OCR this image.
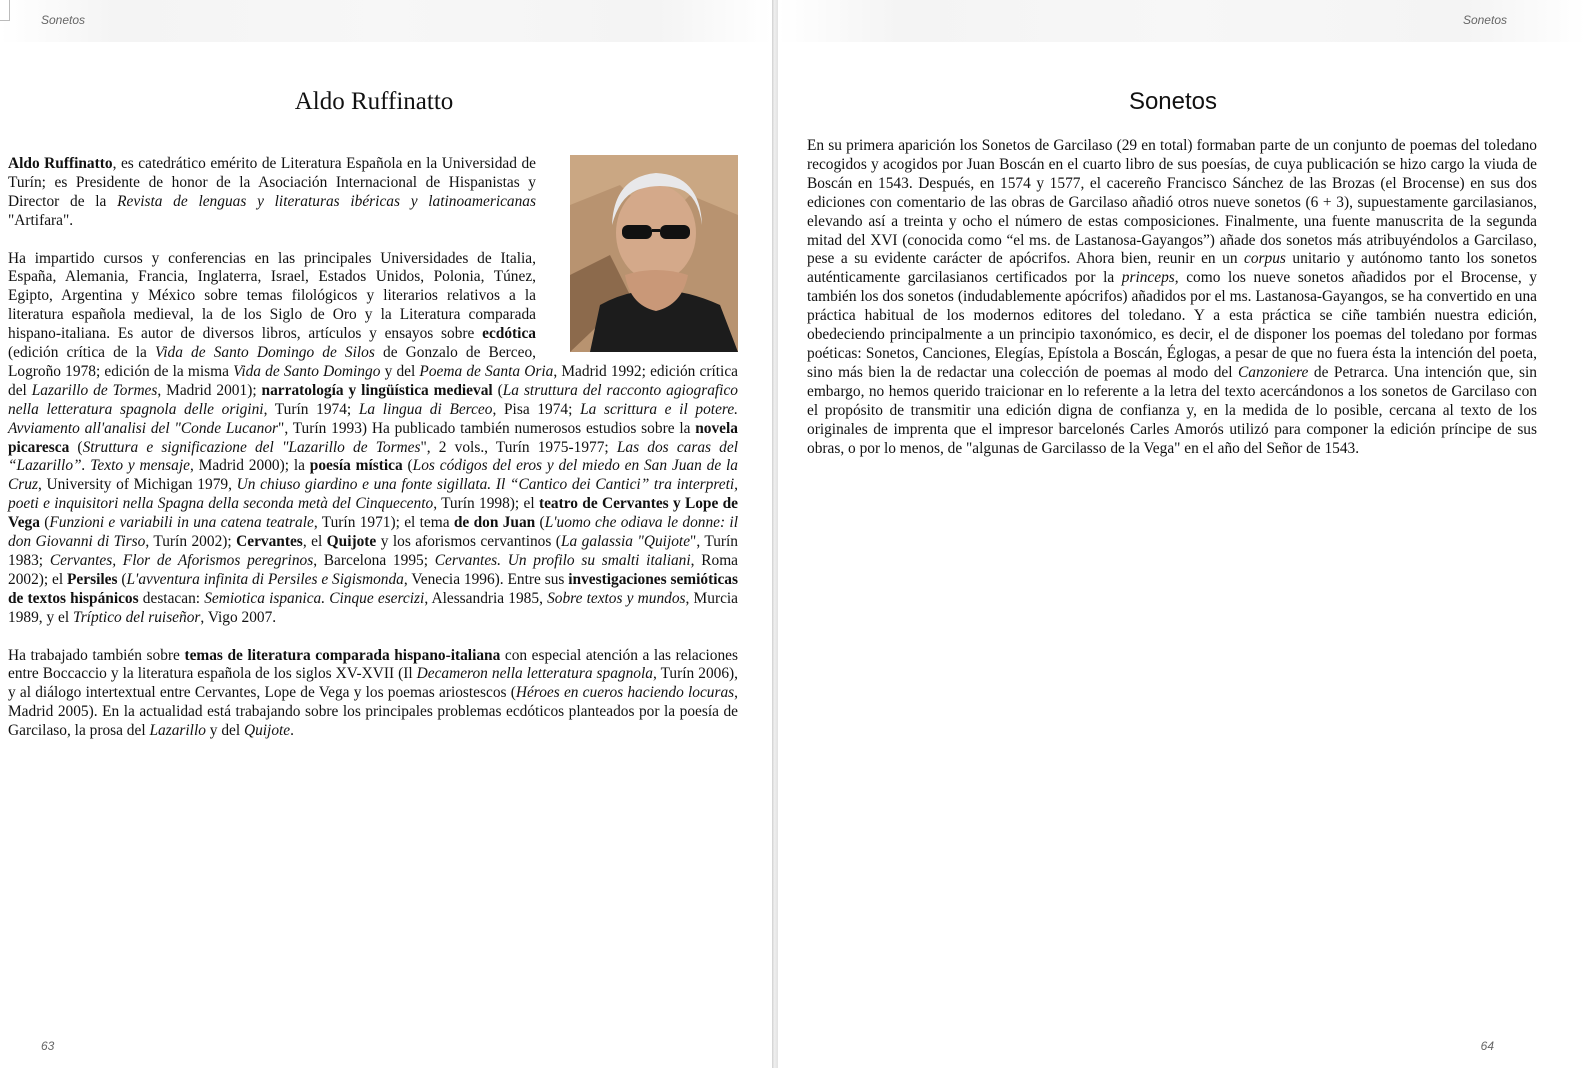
Sonetos
Aldo Ruffinatto

Aldo Ruffinatto, es catedrático emérito de Literatura Española en la Universidad de Turín; es Presidente de honor de la Asociación Internacional de Hispanistas y Director de la Revista de lenguas y literaturas ibéricas y latinoamericanas "Artifara".

Ha impartido cursos y conferencias en las principales Universidades de Italia, España, Alemania, Francia, Inglaterra, Israel, Estados Unidos, Polonia, Túnez, Egipto, Argentina y México sobre temas filológicos y literarios relativos a la literatura española medieval, la de los Siglo de Oro y la Literatura comparada hispano-italiana. Es autor de diversos libros, artículos y ensayos sobre ecdótica (edición crítica de la Vida de Santo Domingo de Silos de Gonzalo de Berceo, Logroño 1978; edición de la misma Vida de Santo Domingo y del Poema de Santa Oria, Madrid 1992; edición crítica del Lazarillo de Tormes, Madrid 2001); narratología y lingüística medieval (La struttura del racconto agiografico nella letteratura spagnola delle origini, Turín 1974; La lingua di Berceo, Pisa 1974; La scrittura e il potere. Avviamento all'analisi del "Conde Lucanor", Turín 1993) Ha publicado también numerosos estudios sobre la novela picaresca (Struttura e significazione del "Lazarillo de Tormes", 2 vols., Turín 1975-1977; Las dos caras del “Lazarillo”. Texto y mensaje, Madrid 2000); la poesía mística (Los códigos del eros y del miedo en San Juan de la Cruz, University of Michigan 1979, Un chiuso giardino e una fonte sigillata. Il “Cantico dei Cantici” tra interpreti, poeti e inquisitori nella Spagna della seconda metà del Cinquecento, Turín 1998); el teatro de Cervantes y Lope de Vega (Funzioni e variabili in una catena teatrale, Turín 1971); el tema de don Juan (L'uomo che odiava le donne: il don Giovanni di Tirso, Turín 2002); Cervantes, el Quijote y los aforismos cervantinos (La galassia "Quijote", Turín 1983; Cervantes, Flor de Aforismos peregrinos, Barcelona 1995; Cervantes. Un profilo su smalti italiani, Roma 2002); el Persiles (L'avventura infinita di Persiles e Sigismonda, Venecia 1996). Entre sus investigaciones semióticas de textos hispánicos destacan: Semiotica ispanica. Cinque esercizi, Alessandria 1985, Sobre textos y mundos, Murcia 1989, y el Tríptico del ruiseñor, Vigo 2007.

Ha trabajado también sobre temas de literatura comparada hispano-italiana con especial atención a las relaciones entre Boccaccio y la literatura española de los siglos XV-XVII (Il Decameron nella letteratura spagnola, Turín 2006), y al diálogo intertextual entre Cervantes, Lope de Vega y los poemas ariostescos (Héroes en cueros haciendo locuras, Madrid 2005). En la actualidad está trabajando sobre los principales problemas ecdóticos planteados por la poesía de Garcilaso, la prosa del Lazarillo y del Quijote.

63
Sonetos
Sonetos

En su primera aparición los Sonetos de Garcilaso (29 en total) formaban parte de un conjunto de poemas del toledano recogidos y acogidos por Juan Boscán en el cuarto libro de sus poesías, de cuya publicación se hizo cargo la viuda de Boscán en 1543. Después, en 1574 y 1577, el cacereño Francisco Sánchez de las Brozas (el Brocense) en sus dos ediciones con comentario de las obras de Garcilaso añadió otros nueve sonetos (6 + 3), supuestamente garcilasianos, elevando así a treinta y ocho el número de estas composiciones. Finalmente, una fuente manuscrita de la segunda mitad del XVI (conocida como “el ms. de Lastanosa-Gayangos”) añade dos sonetos más atribuyéndolos a Garcilaso, pese a su evidente carácter de apócrifos. Ahora bien, reunir en un corpus unitario y autónomo tanto los sonetos auténticamente garcilasianos certificados por la princeps, como los nueve sonetos añadidos por el Brocense, y también los dos sonetos (indudablemente apócrifos) añadidos por el ms. Lastanosa-Gayangos, se ha convertido en una práctica habitual de los modernos editores del toledano. Y a esta práctica se ciñe también nuestra edición, obedeciendo principalmente a un principio taxonómico, es decir, el de disponer los poemas del toledano por formas poéticas: Sonetos, Canciones, Elegías, Epístola a Boscán, Églogas, a pesar de que no fuera ésta la intención del poeta, sino más bien la de redactar una colección de poemas al modo del Canzoniere de Petrarca. Una intención que, sin embargo, no hemos querido traicionar en lo referente a la letra del texto acercándonos a los sonetos de Garcilaso con el propósito de transmitir una edición digna de confianza y, en la medida de lo posible, cercana al texto de los originales de imprenta que el impresor barcelonés Carles Amorós utilizó para componer la edición príncipe de sus obras, o por lo menos, de "algunas de Garcilasso de la Vega" en el año del Señor de 1543.

64
